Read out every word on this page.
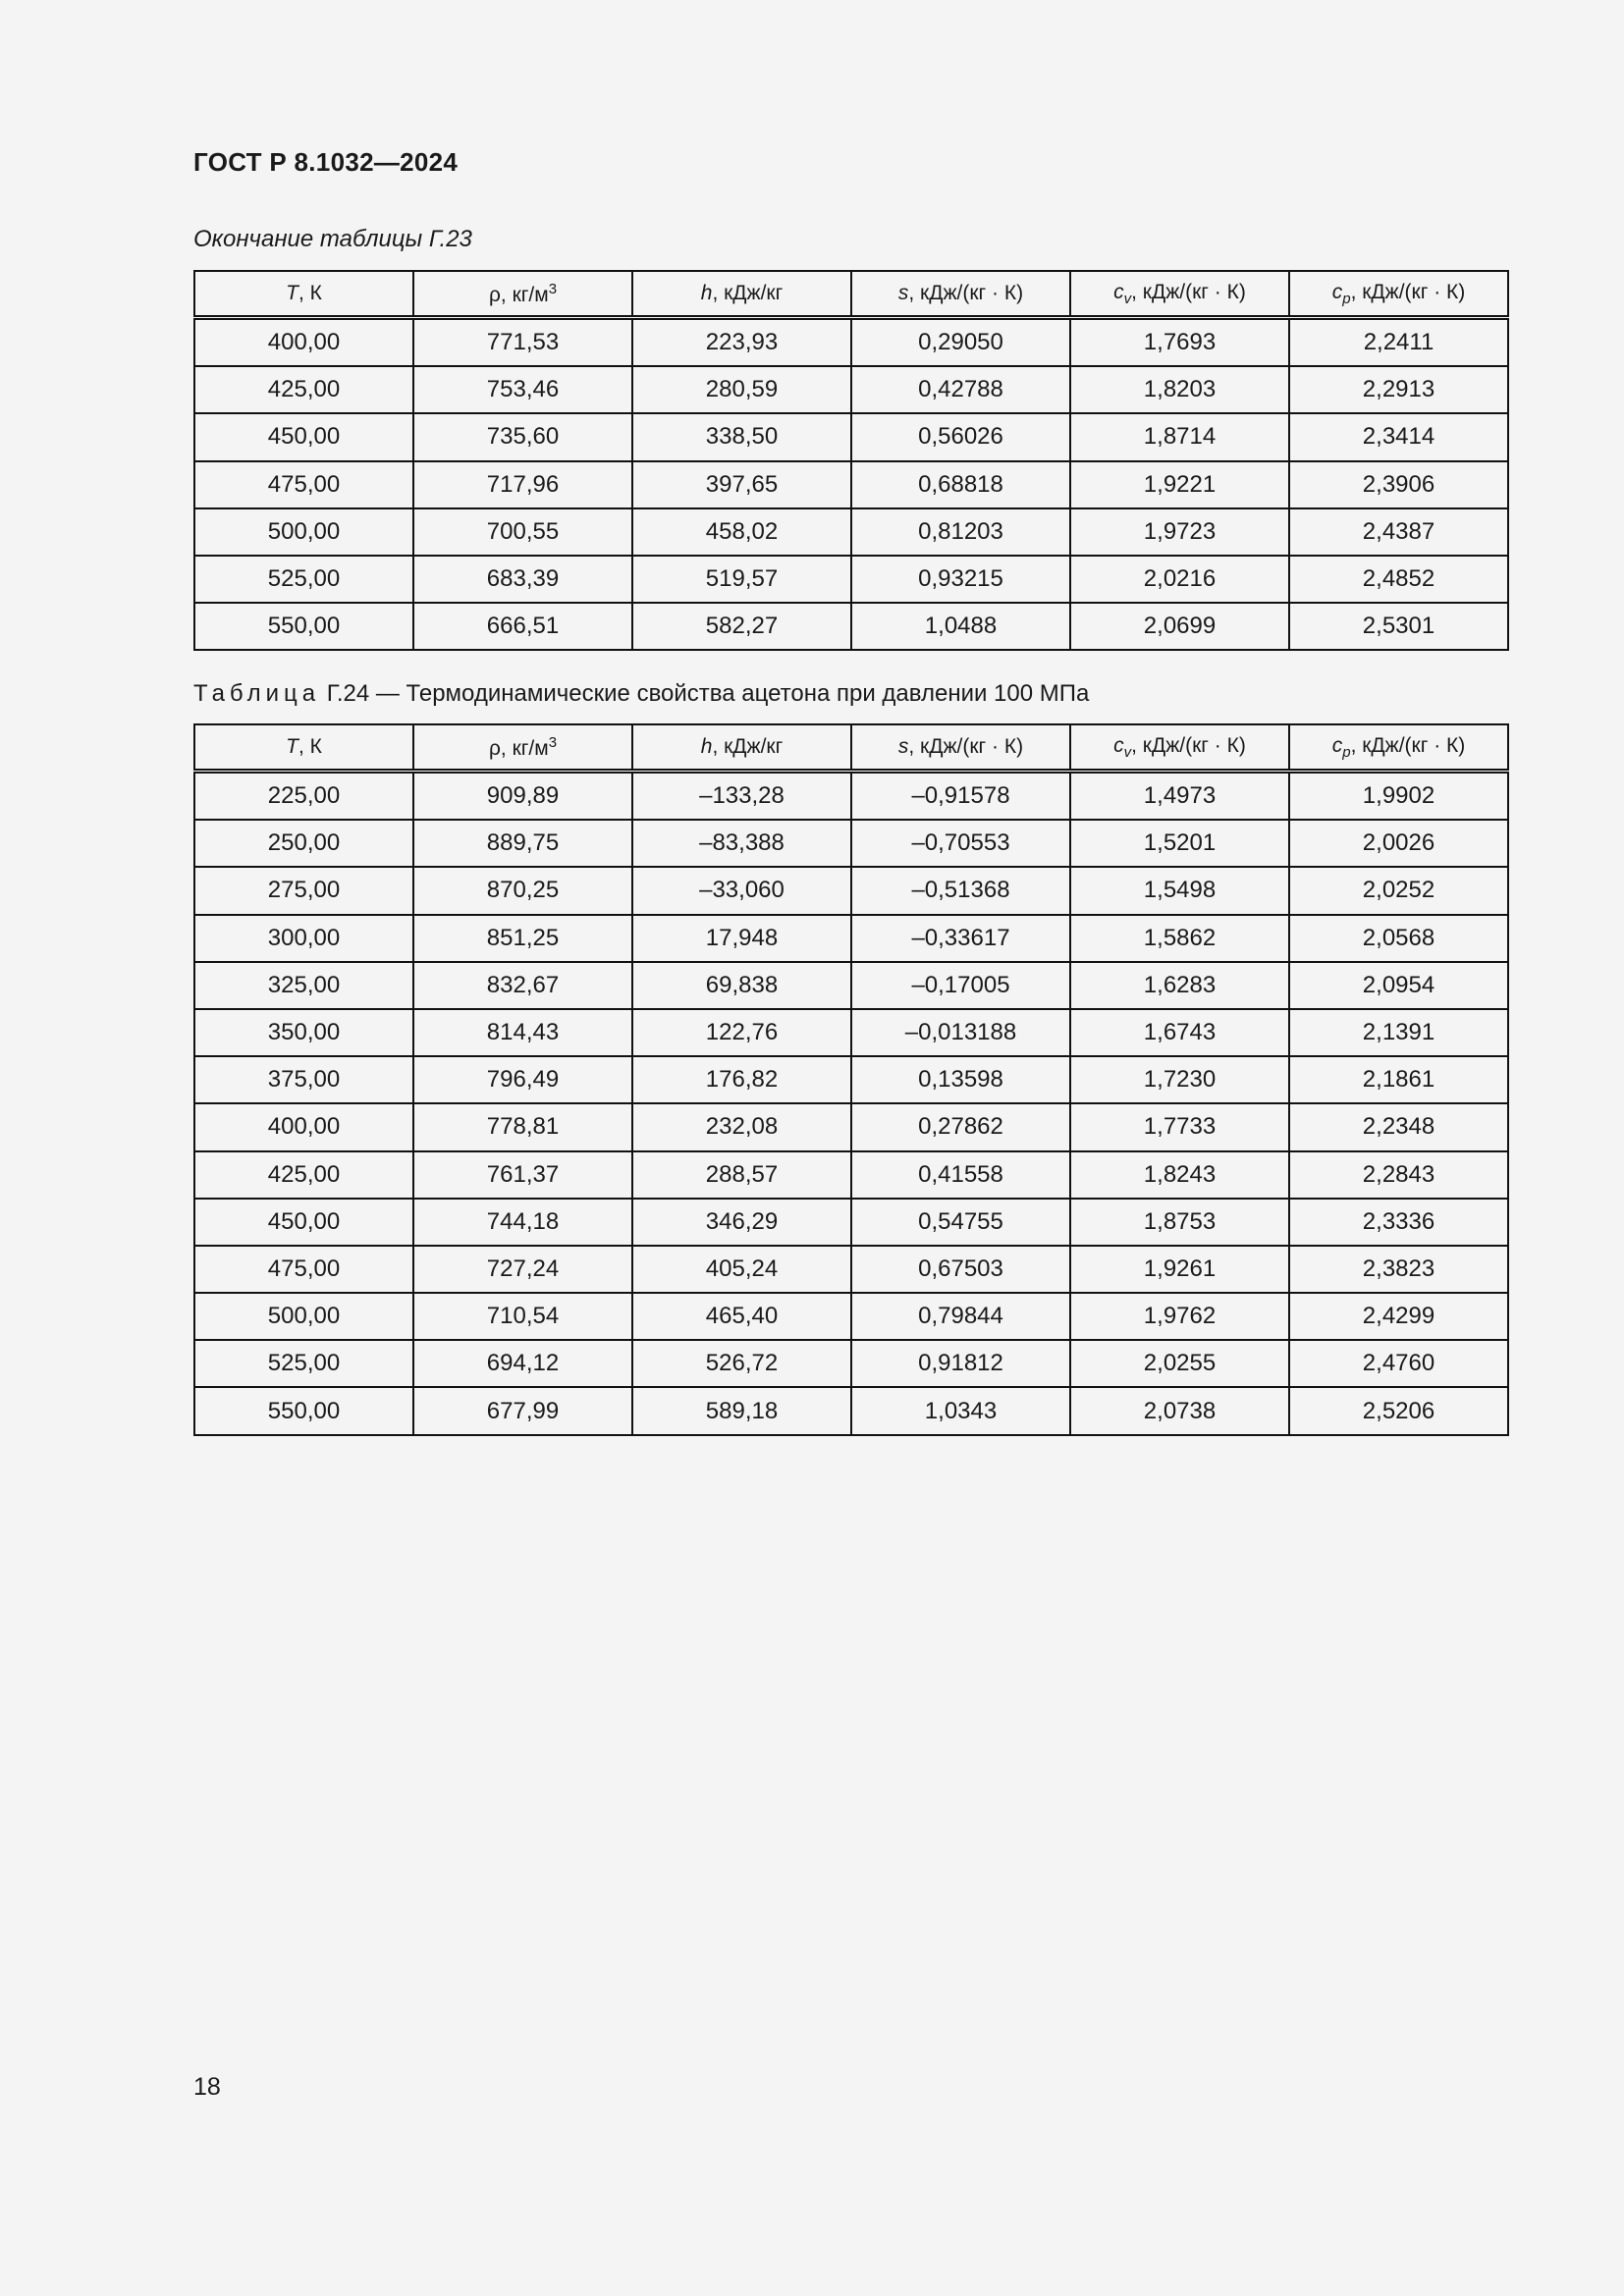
ГОСТ Р 8.1032—2024
Окончание таблицы Г.23
T, К	ρ, $кг/м^3$	h, кДж/кг	s, кДж/(кг · К)	$c_v$, кДж/(кг · К)	$c_p$, кДж/(кг · К)
400,00	771,53	223,93	0,29050	1,7693	2,2411
425,00	753,46	280,59	0,42788	1,8203	2,2913
450,00	735,60	338,50	0,56026	1,8714	2,3414
475,00	717,96	397,65	0,68818	1,9221	2,3906
500,00	700,55	458,02	0,81203	1,9723	2,4387
525,00	683,39	519,57	0,93215	2,0216	2,4852
550,00	666,51	582,27	1,0488	2,0699	2,5301
Таблица Г.24 — Термодинамические свойства ацетона при давлении 100 МПа
T, К	ρ, $кг/м^3$	h, кДж/кг	s, кДж/(кг · К)	$c_v$, кДж/(кг · К)	$c_p$, кДж/(кг · К)
225,00	909,89	–133,28	–0,91578	1,4973	1,9902
250,00	889,75	–83,388	–0,70553	1,5201	2,0026
275,00	870,25	–33,060	–0,51368	1,5498	2,0252
300,00	851,25	17,948	–0,33617	1,5862	2,0568
325,00	832,67	69,838	–0,17005	1,6283	2,0954
350,00	814,43	122,76	–0,013188	1,6743	2,1391
375,00	796,49	176,82	0,13598	1,7230	2,1861
400,00	778,81	232,08	0,27862	1,7733	2,2348
425,00	761,37	288,57	0,41558	1,8243	2,2843
450,00	744,18	346,29	0,54755	1,8753	2,3336
475,00	727,24	405,24	0,67503	1,9261	2,3823
500,00	710,54	465,40	0,79844	1,9762	2,4299
525,00	694,12	526,72	0,91812	2,0255	2,4760
550,00	677,99	589,18	1,0343	2,0738	2,5206
18
